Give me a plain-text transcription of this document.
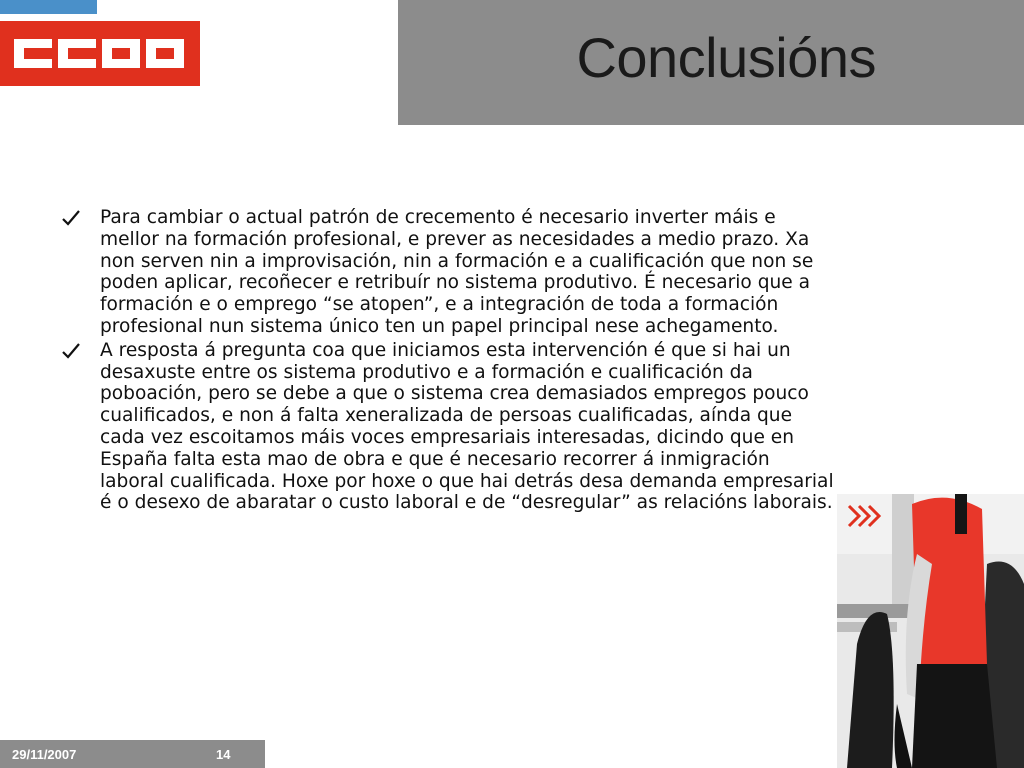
Conclusións
Para cambiar o actual patrón de crecemento é necesario inverter máis e mellor na formación profesional, e prever as necesidades a medio prazo. Xa non serven nin a improvisación, nin a formación e a cualificación que non se poden aplicar, recoñecer e retribuír no sistema produtivo. É necesario que a formación e o emprego “se atopen”, e a integración de toda a formación profesional nun sistema único ten un papel principal nese achegamento.
A resposta á pregunta coa que iniciamos esta intervención é que si hai un desaxuste entre os sistema produtivo e a formación e cualificación da poboación, pero se debe a que o sistema crea demasiados empregos pouco cualificados, e non á falta xeneralizada de persoas cualificadas, aínda que cada vez escoitamos máis voces empresariais interesadas, dicindo que en España falta esta mao de obra e que é necesario recorrer á inmigración laboral cualificada. Hoxe por hoxe o que hai detrás desa demanda empresarial é o desexo de abaratar o custo laboral e de “desregular” as relacións laborais.
29/11/2007	14
